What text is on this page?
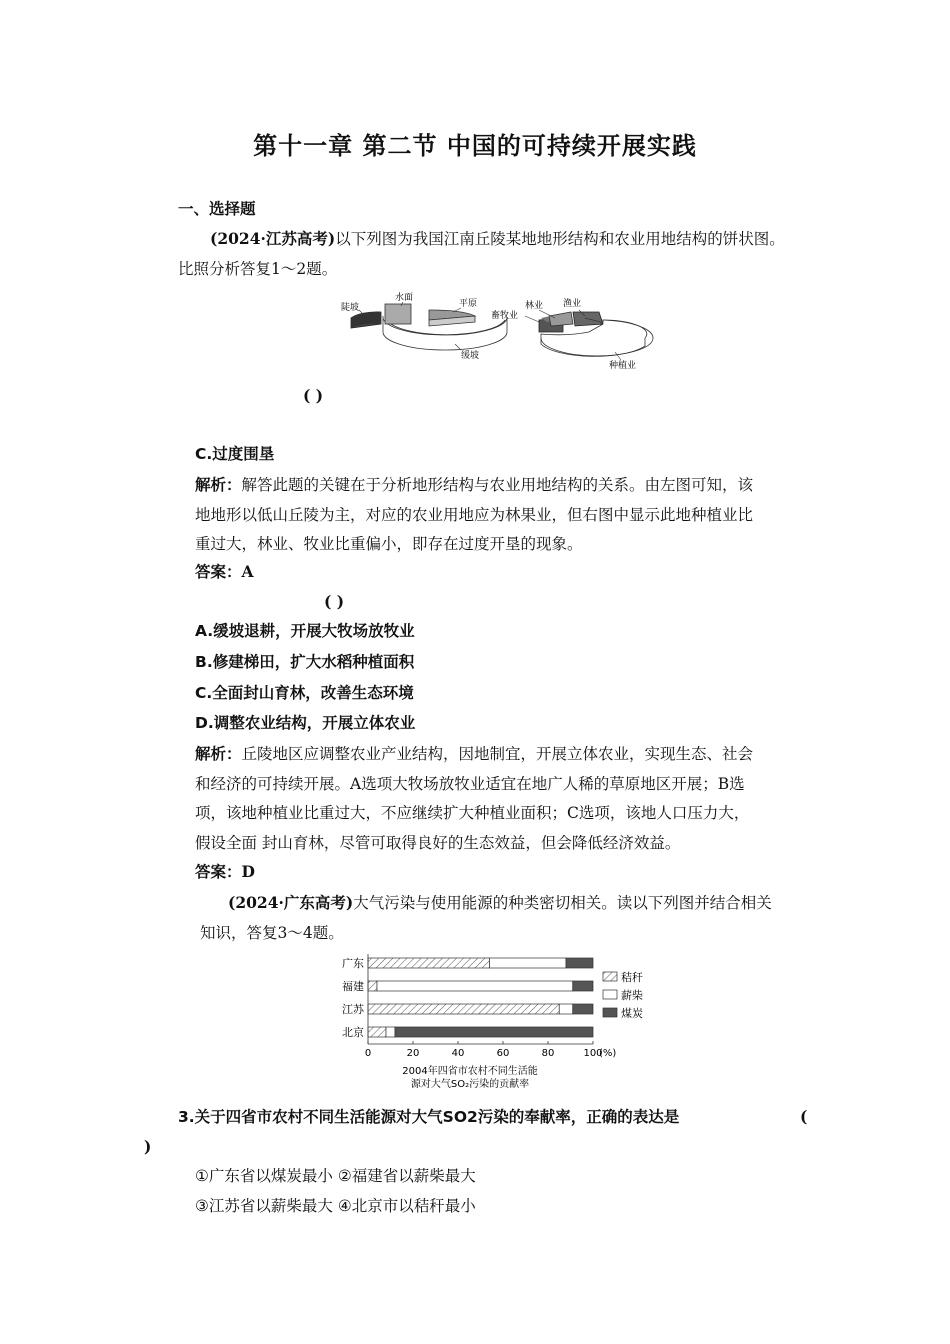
第十一章 第二节 中国的可持续开展实践
一、选择题
(2024·江苏高考)以下列图为我国江南丘陵某地地形结构和农业用地结构的饼状图。
比照分析答复1～2题。
陡坡
水面
平原
缓坡
畜牧业
林业 渔业
种植业
( )
C.过度围垦
解析：解答此题的关键在于分析地形结构与农业用地结构的关系。由左图可知，该
地地形以低山丘陵为主，对应的农业用地应为林果业，但右图中显示此地种植业比
重过大，林业、牧业比重偏小，即存在过度开垦的现象。
答案：A
( )
A.缓坡退耕，开展大牧场放牧业
B.修建梯田，扩大水稻种植面积
C.全面封山育林，改善生态环境
D.调整农业结构，开展立体农业
解析：丘陵地区应调整农业产业结构，因地制宜，开展立体农业，实现生态、社会
和经济的可持续开展。A选项大牧场放牧业适宜在地广人稀的草原地区开展；B选
项，该地种植业比重过大，不应继续扩大种植业面积；C选项，该地人口压力大，
假设全面 封山育林，尽管可取得良好的生态效益，但会降低经济效益。
答案：D
(2024·广东高考)大气污染与使用能源的种类密切相关。读以下列图并结合相关
知识，答复3～4题。
广东
福建
江苏
北京
0	20	40	60	80	100
(%)
秸秆
薪柴
煤炭
2004年四省市农村不同生活能
源对大气SO₂污染的贡献率
3.关于四省市农村不同生活能源对大气SO2污染的奉献率，正确的表达是	(
)
①广东省以煤炭最小 ②福建省以薪柴最大
③江苏省以薪柴最大 ④北京市以秸秆最小
